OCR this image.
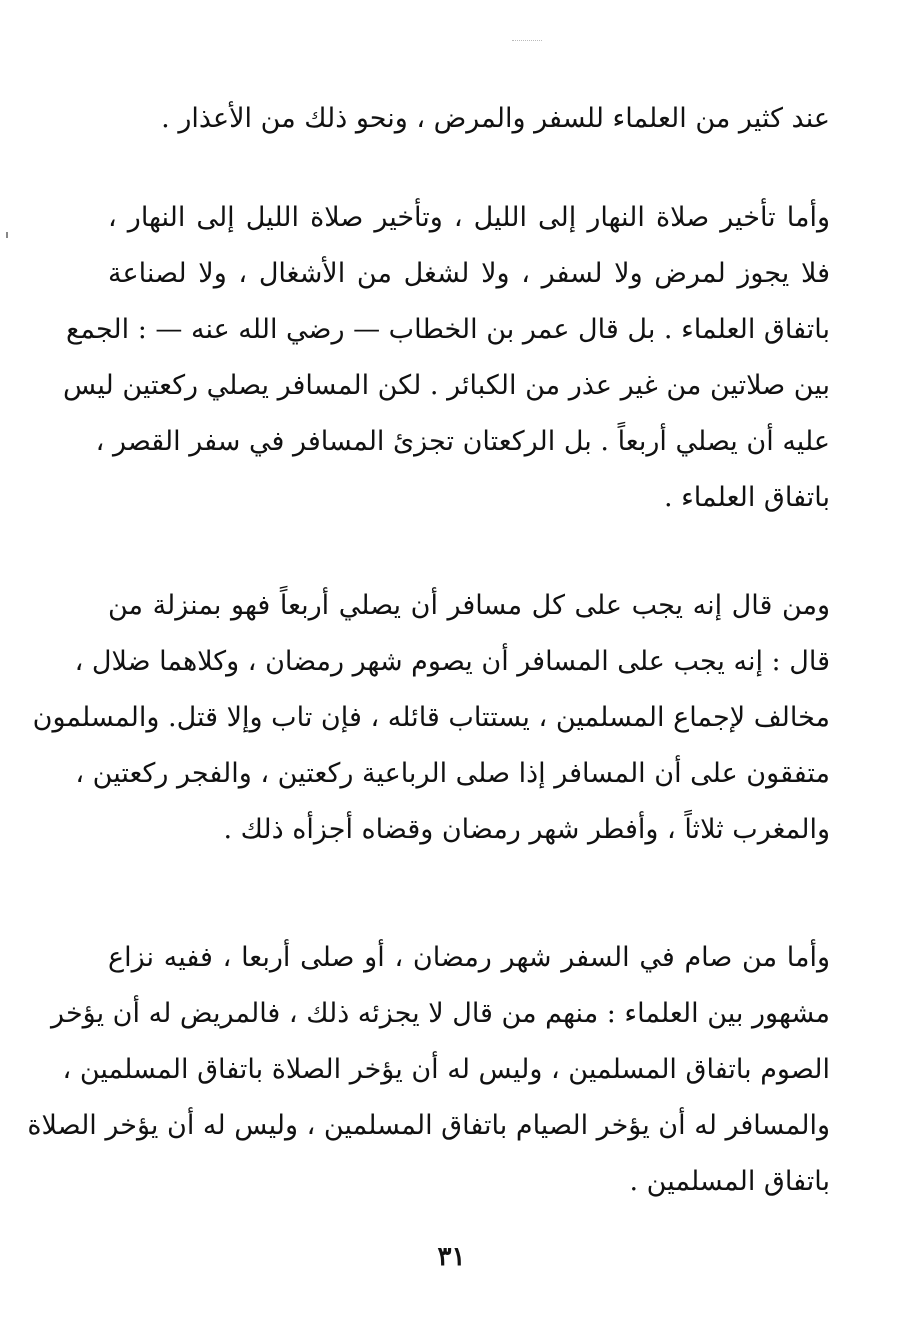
عند كثير من العلماء للسفر والمرض ، ونحو ذلك من الأعذار .
وأما تأخير صلاة النهار إلى الليل ، وتأخير صلاة الليل إلى النهار ،
فلا يجوز لمرض ولا لسفر ، ولا لشغل من الأشغال ، ولا لصناعة
باتفاق العلماء . بل قال عمر بن الخطاب — رضي الله عنه — : الجمع
بين صلاتين من غير عذر من الكبائر . لكن المسافر يصلي ركعتين ليس
عليه أن يصلي أربعاً . بل الركعتان تجزئ المسافر في سفر القصر ،
باتفاق العلماء .
ومن قال إنه يجب على كل مسافر أن يصلي أربعاً فهو بمنزلة من
قال : إنه يجب على المسافر أن يصوم شهر رمضان ، وكلاهما ضلال ،
مخالف لإجماع المسلمين ، يستتاب قائله ، فإن تاب وإلا قتل. والمسلمون
متفقون على أن المسافر إذا صلى الرباعية ركعتين ، والفجر ركعتين ،
والمغرب ثلاثاً ، وأفطر شهر رمضان وقضاه أجزأه ذلك .
وأما من صام في السفر شهر رمضان ، أو صلى أربعا ، ففيه نزاع
مشهور بين العلماء : منهم من قال لا يجزئه ذلك ، فالمريض له أن يؤخر
الصوم باتفاق المسلمين ، وليس له أن يؤخر الصلاة باتفاق المسلمين ،
والمسافر له أن يؤخر الصيام باتفاق المسلمين ، وليس له أن يؤخر الصلاة
باتفاق المسلمين .
٣١
